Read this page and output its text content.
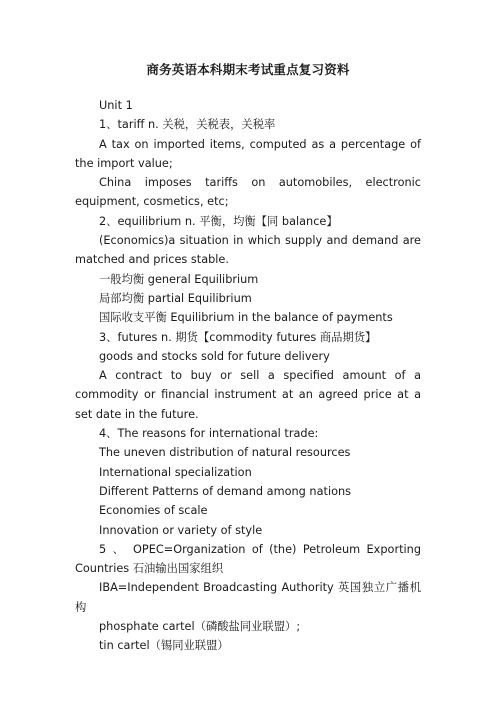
商务英语本科期末考试重点复习资料

Unit 1

1、tariff n. 关税，关税表，关税率

A tax on imported items, computed as a percentage of the import value;

China imposes tariffs on automobiles, electronic equipment, cosmetics, etc;

2、equilibrium n. 平衡，均衡【同 balance】

(Economics)a situation in which supply and demand are matched and prices stable.

一般均衡 general Equilibrium

局部均衡 partial Equilibrium

国际收支平衡 Equilibrium in the balance of payments

3、futures n. 期货【commodity futures 商品期货】

goods and stocks sold for future delivery

A contract to buy or sell a specified amount of a commodity or financial instrument at an agreed price at a set date in the future.

4、The reasons for international trade:

The uneven distribution of natural resources

International specialization

Different Patterns of demand among nations

Economies of scale

Innovation or variety of style

5 、 OPEC=Organization of (the) Petroleum Exporting Countries 石油输出国家组织

IBA=Independent Broadcasting Authority 英国独立广播机构

phosphate cartel（磷酸盐同业联盟）;

tin cartel（锡同业联盟）
